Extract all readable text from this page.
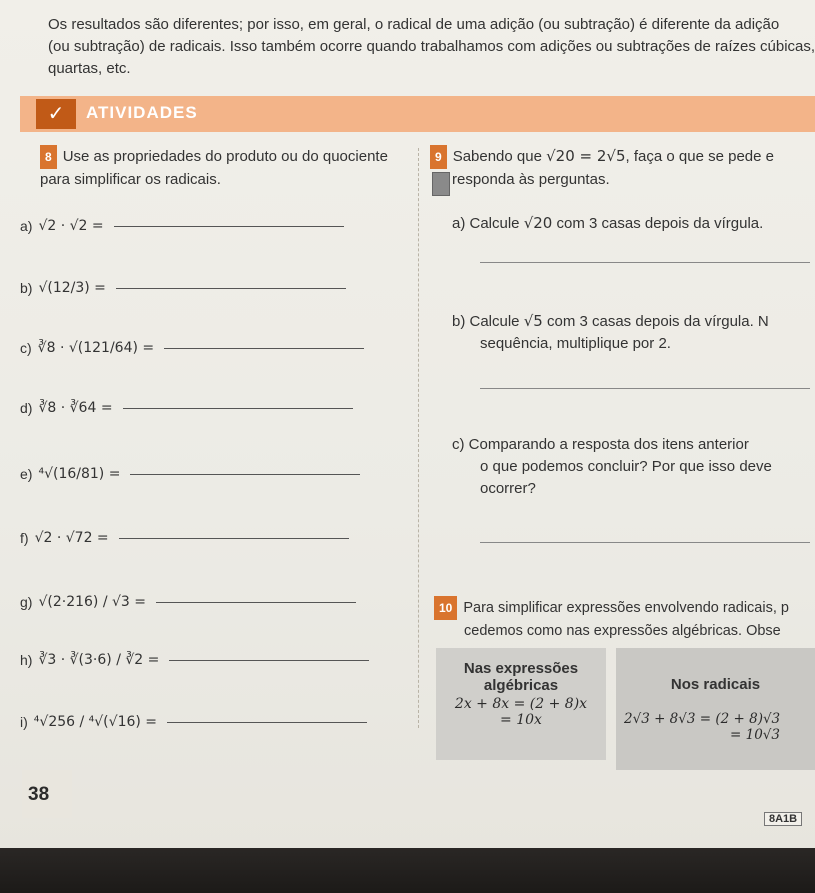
Os resultados são diferentes; por isso, em geral, o radical de uma adição (ou subtração) é diferente da adição

(ou subtração) de radicais. Isso também ocorre quando trabalhamos com adições ou subtrações de raízes cúbicas,

quartas, etc.

✓	ATIVIDADES
8 Use as propriedades do produto ou do quociente
para simplificar os radicais.
a) √2 · √2 =
b) √(12/3) =
c) ∛8 · √(121/64) =
d) ∛8 · ∛64 =
e) ⁴√(16/81) =
f) √2 · √72 =
g) √(2·216) / √3 =
h) ∛3 · ∛(3·6) / ∛2 =
i) ⁴√256 / ⁴√(√16) =
9 Sabendo que √20 = 2√5, faça o que se pede e
responda às perguntas.
a) Calcule √20 com 3 casas depois da vírgula.
b) Calcule √5 com 3 casas depois da vírgula. N
sequência, multiplique por 2.
c) Comparando a resposta dos itens anterior
o que podemos concluir? Por que isso deve
ocorrer?
10 Para simplificar expressões envolvendo radicais, p
cedemos como nas expressões algébricas. Obse
Nas expressões
algébricas
2x + 8x = (2 + 8)x
= 10x
Nos radicais
2√3 + 8√3 = (2 + 8)√3
= 10√3
38
8A1B
